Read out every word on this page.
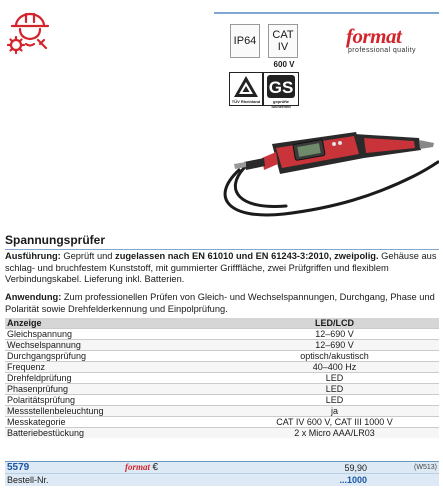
IP64 CAT
IV
600 V
format
professional quality
TÜV Rheinland
GS
geprüfte Sicherheit
Spannungsprüfer

Ausführung: Geprüft und zugelassen nach EN 61010 und EN 61243-3:2010, zweipolig. Gehäuse aus schlag- und bruchfestem Kunststoff, mit gummierter Grifffläche, zwei Prüfgriffen und flexiblem Verbindungskabel. Lieferung inkl. Batterien.

Anwendung: Zum professionellen Prüfen von Gleich- und Wechselspannungen, Durchgang, Phase und Polarität sowie Drehfelderkennung und Einpolprüfung.

Anzeige	LED/LCD
Gleichspannung	12–690 V
Wechselspannung	12–690 V
Durchgangsprüfung	optisch/akustisch
Frequenz	40–400 Hz
Drehfeldprüfung	LED
Phasenprüfung	LED
Polaritätsprüfung	LED
Messstellenbeleuchtung	ja
Messkategorie	CAT IV 600 V, CAT III 1000 V
Batteriebestückung	2 x Micro AAA/LR03
5579	format €	59,90	(W513)
Bestell-Nr.		...1000	
